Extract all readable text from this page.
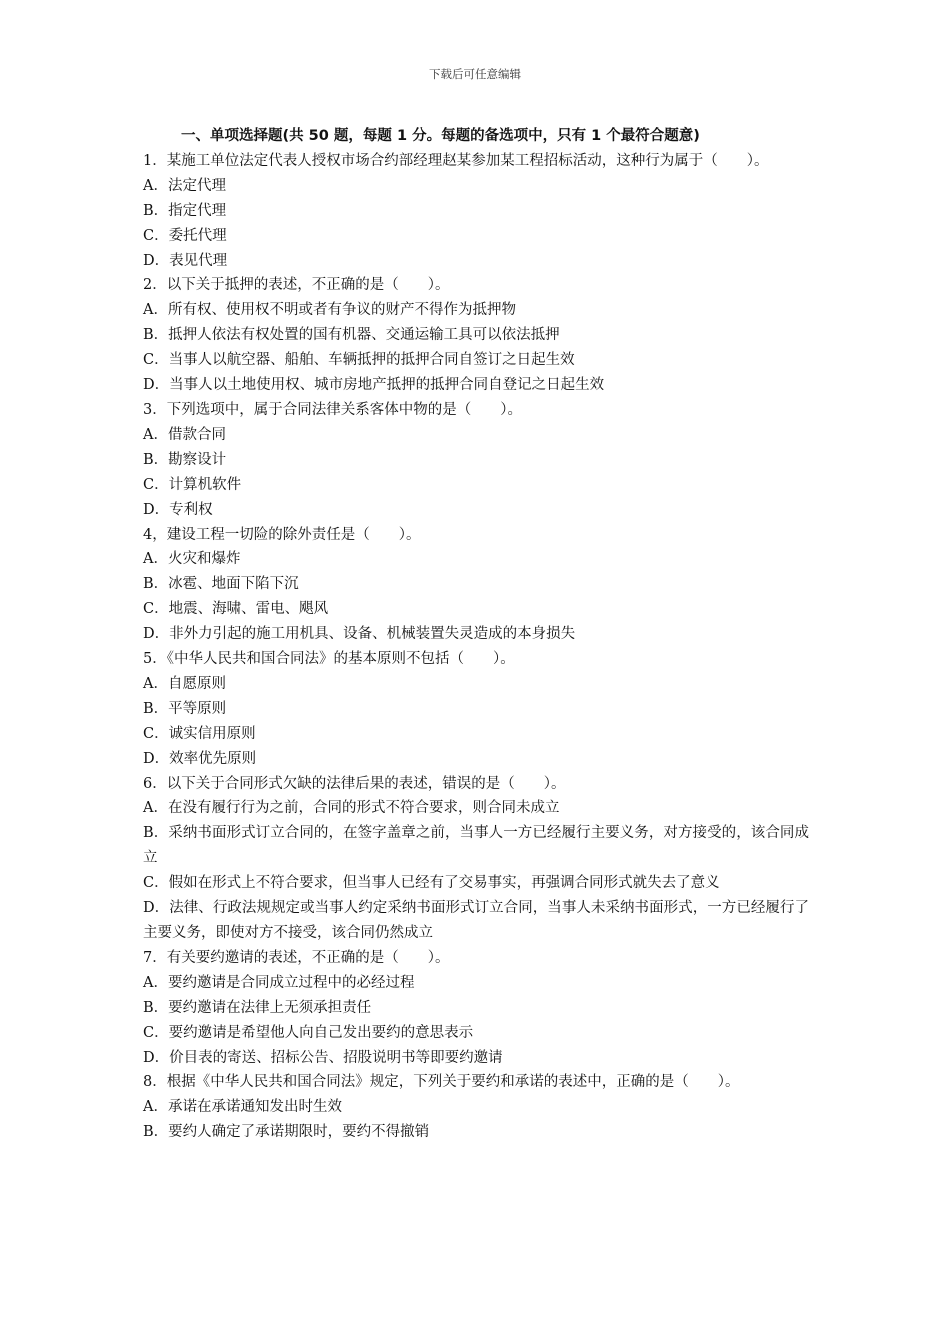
下载后可任意编辑
一、单项选择题(共 50 题，每题 1 分。每题的备选项中，只有 1 个最符合题意)
1．某施工单位法定代表人授权市场合约部经理赵某参加某工程招标活动，这种行为属于（　　）。
A．法定代理
B．指定代理
C．委托代理
D．表见代理
2．以下关于抵押的表述，不正确的是（　　）。
A．所有权、使用权不明或者有争议的财产不得作为抵押物
B．抵押人依法有权处置的国有机器、交通运输工具可以依法抵押
C．当事人以航空器、船舶、车辆抵押的抵押合同自签订之日起生效
D．当事人以土地使用权、城市房地产抵押的抵押合同自登记之日起生效
3．下列选项中，属于合同法律关系客体中物的是（　　）。
A．借款合同
B．勘察设计
C．计算机软件
D．专利权
4，建设工程一切险的除外责任是（　　）。
A．火灾和爆炸
B．冰雹、地面下陷下沉
C．地震、海啸、雷电、飓风
D．非外力引起的施工用机具、设备、机械装置失灵造成的本身损失
5．《中华人民共和国合同法》的基本原则不包括（　　）。
A．自愿原则
B．平等原则
C．诚实信用原则
D．效率优先原则
6．以下关于合同形式欠缺的法律后果的表述，错误的是（　　）。
A．在没有履行行为之前，合同的形式不符合要求，则合同未成立
B．采纳书面形式订立合同的，在签字盖章之前，当事人一方已经履行主要义务，对方接受的，该合同成立
C．假如在形式上不符合要求，但当事人已经有了交易事实，再强调合同形式就失去了意义
D．法律、行政法规规定或当事人约定采纳书面形式订立合同，当事人未采纳书面形式，一方已经履行了主要义务，即使对方不接受，该合同仍然成立
7．有关要约邀请的表述，不正确的是（　　）。
A．要约邀请是合同成立过程中的必经过程
B．要约邀请在法律上无须承担责任
C．要约邀请是希望他人向自己发出要约的意思表示
D．价目表的寄送、招标公告、招股说明书等即要约邀请
8．根据《中华人民共和国合同法》规定，下列关于要约和承诺的表述中，正确的是（　　）。
A．承诺在承诺通知发出时生效
B．要约人确定了承诺期限时，要约不得撤销
